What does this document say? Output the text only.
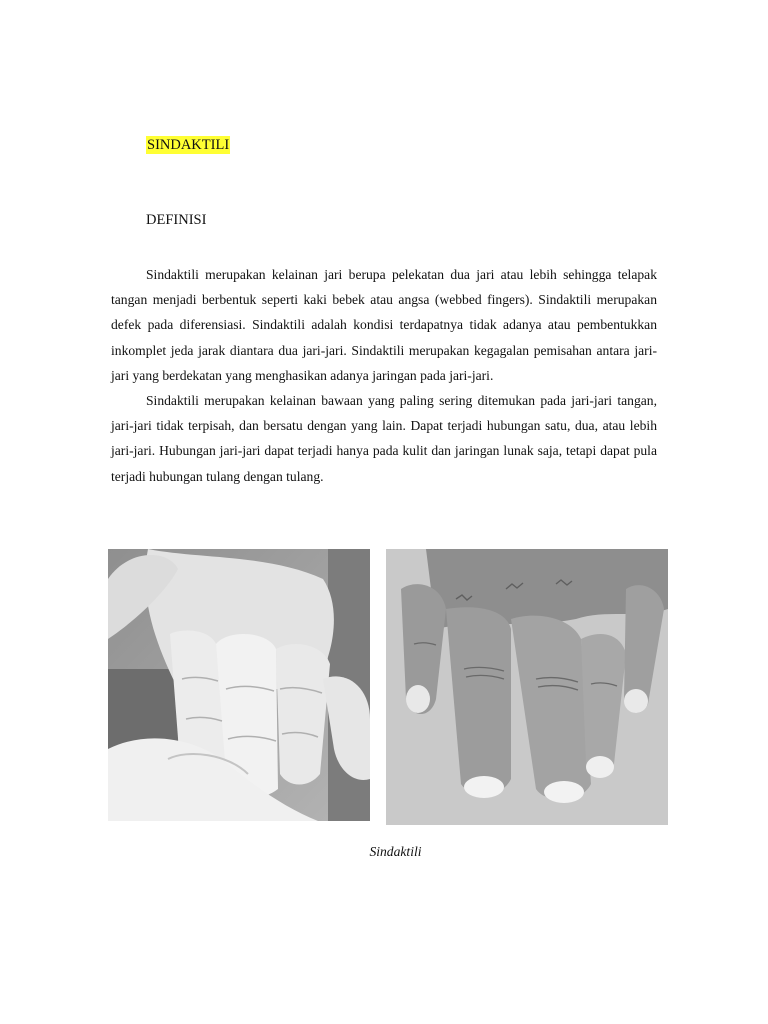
SINDAKTILI
DEFINISI

Sindaktili merupakan kelainan jari berupa pelekatan dua jari atau lebih sehingga telapak tangan menjadi berbentuk seperti kaki bebek atau angsa (webbed fingers). Sindaktili merupakan defek pada diferensiasi. Sindaktili adalah kondisi terdapatnya tidak adanya atau pembentukkan inkomplet jeda jarak diantara dua jari-jari. Sindaktili merupakan kegagalan pemisahan antara jari-jari yang berdekatan yang menghasikan adanya jaringan pada jari-jari.

Sindaktili merupakan kelainan bawaan yang paling sering ditemukan pada jari-jari tangan, jari-jari tidak terpisah, dan bersatu dengan yang lain. Dapat terjadi hubungan satu, dua, atau lebih jari-jari. Hubungan jari-jari dapat terjadi hanya pada kulit dan jaringan lunak saja, tetapi dapat pula terjadi hubungan tulang dengan tulang.

Sindaktili
